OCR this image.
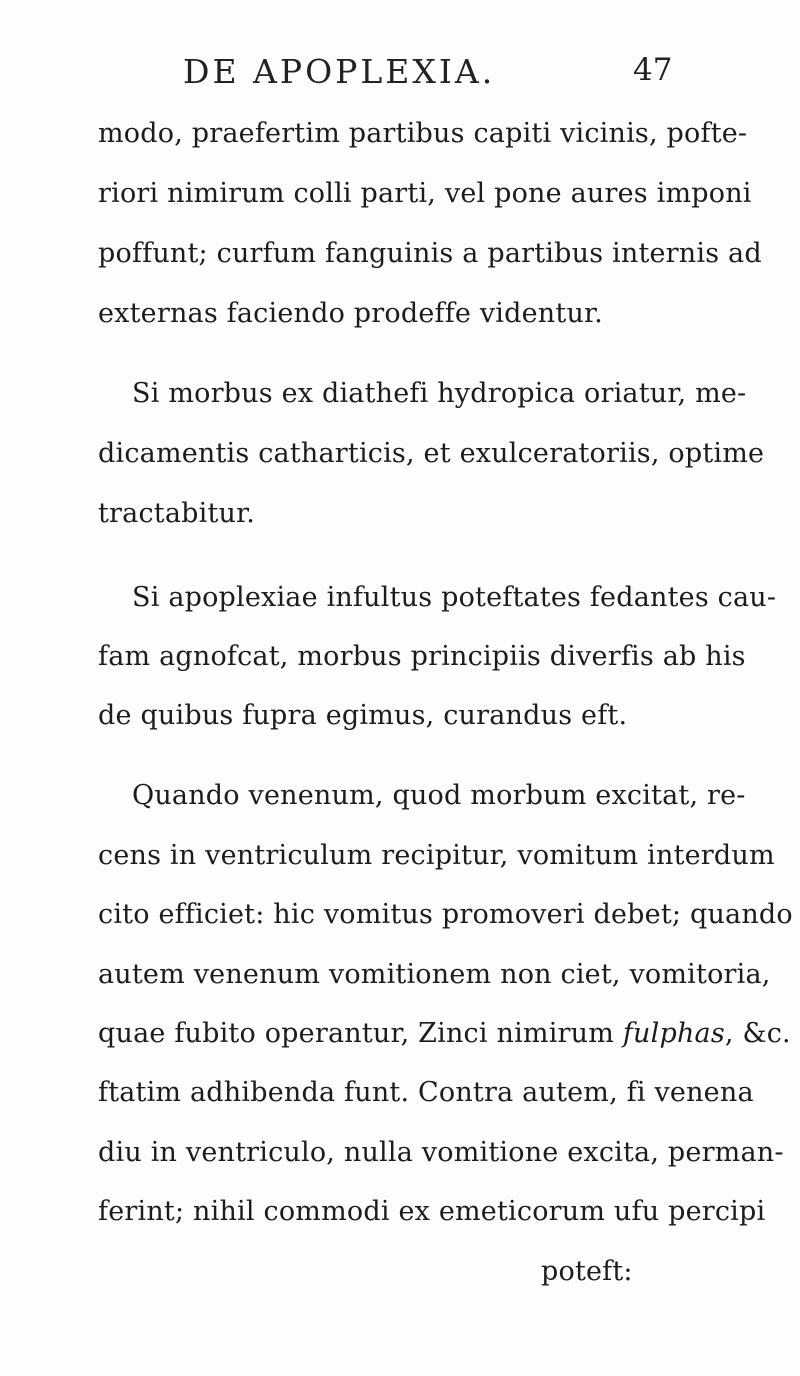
DE APOPLEXIA.	47
modo, praefertim partibus capiti vicinis, pofte-
riori nimirum colli parti, vel pone aures imponi
poffunt; curfum fanguinis a partibus internis ad
externas faciendo prodeffe videntur.
Si morbus ex diathefi hydropica oriatur, me-
dicamentis catharticis, et exulceratoriis, optime
tractabitur.
Si apoplexiae infultus poteftates fedantes cau-
fam agnofcat, morbus principiis diverfis ab his
de quibus fupra egimus, curandus eft.
Quando venenum, quod morbum excitat, re-
cens in ventriculum recipitur, vomitum interdum
cito efficiet: hic vomitus promoveri debet; quando
autem venenum vomitionem non ciet, vomitoria,
quae fubito operantur, Zinci nimirum fulphas, &c.
ftatim adhibenda funt. Contra autem, fi venena
diu in ventriculo, nulla vomitione excita, perman-
ferint; nihil commodi ex emeticorum ufu percipi
poteft:
